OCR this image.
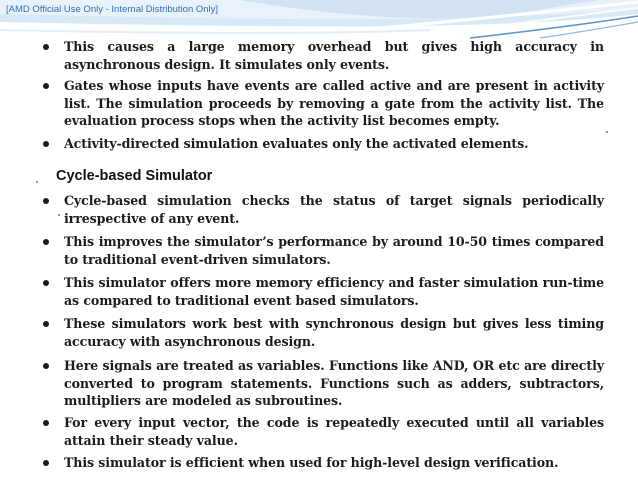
[AMD Official Use Only - Internal Distribution Only]
This causes a large memory overhead but gives high accuracy in asynchronous design. It simulates only events.
Gates whose inputs have events are called active and are present in activity list. The simulation proceeds by removing a gate from the activity list. The evaluation process stops when the activity list becomes empty.
Activity-directed simulation evaluates only the activated elements.
Cycle-based Simulator
Cycle-based simulation checks the status of target signals periodically irrespective of any event.
This improves the simulator’s performance by around 10-50 times compared to traditional event-driven simulators.
This simulator offers more memory efficiency and faster simulation run-time as compared to traditional event based simulators.
These simulators work best with synchronous design but gives less timing accuracy with asynchronous design.
Here signals are treated as variables. Functions like AND, OR etc are directly converted to program statements. Functions such as adders, subtractors, multipliers are modeled as subroutines.
For every input vector, the code is repeatedly executed until all variables attain their steady value.
This simulator is efficient when used for high-level design verification.
